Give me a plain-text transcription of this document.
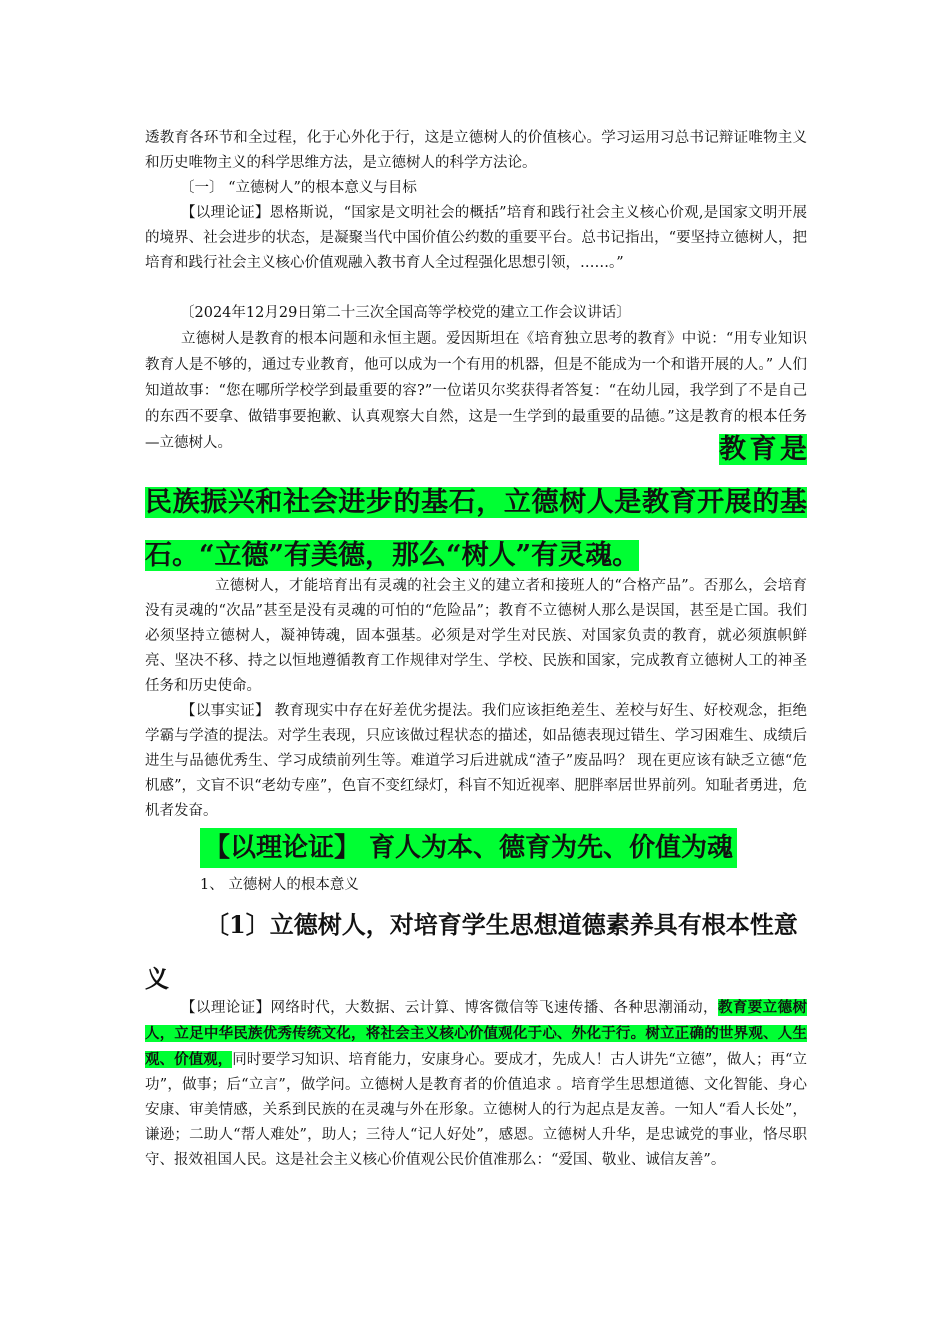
透教育各环节和全过程，化于心外化于行，这是立德树人的价值核心。学习运用习总书记辩证唯物主义和历史唯物主义的科学思维方法，是立德树人的科学方法论。

〔一〕 “立德树人”的根本意义与目标

【以理论证】恩格斯说，“国家是文明社会的概括”培育和践行社会主义核心价观,是国家文明开展的境界、社会进步的状态，是凝聚当代中国价值公约数的重要平台。总书记指出，“要坚持立德树人，把培育和践行社会主义核心价值观融入教书育人全过程强化思想引领，……。”

〔2024年12月29日第二十三次全国高等学校党的建立工作会议讲话〕

立德树人是教育的根本问题和永恒主题。爱因斯坦在《培育独立思考的教育》中说：“用专业知识教育人是不够的，通过专业教育，他可以成为一个有用的机器，但是不能成为一个和谐开展的人。” 人们知道故事：“您在哪所学校学到最重要的容?”一位诺贝尔奖获得者答复：“在幼儿园，我学到了不是自己的东西不要拿、做错事要抱歉、认真观察大自然，这是一生学到的最重要的品德。”这是教育的根本任务—立德树人。	教育是民族振兴和社会进步的基石，立德树人是教育开展的基石。“立德”有美德，那么“树人”有灵魂。

立德树人，才能培育出有灵魂的社会主义的建立者和接班人的“合格产品”。否那么，会培育没有灵魂的“次品”甚至是没有灵魂的可怕的“危险品”；教育不立德树人那么是误国，甚至是亡国。我们必须坚持立德树人，凝神铸魂，固本强基。必须是对学生对民族、对国家负责的教育，就必须旗帜鲜亮、坚决不移、持之以恒地遵循教育工作规律对学生、学校、民族和国家，完成教育立德树人工的神圣任务和历史使命。

【以事实证】 教育现实中存在好差优劣提法。我们应该拒绝差生、差校与好生、好校观念，拒绝学霸与学渣的提法。对学生表现，只应该做过程状态的描述，如品德表现过错生、学习困难生、成绩后进生与品德优秀生、学习成绩前列生等。难道学习后进就成“渣子”废品吗？ 现在更应该有缺乏立德“危机感”，文盲不识“老幼专座”，色盲不变红绿灯，科盲不知近视率、肥胖率居世界前列。知耻者勇进，危机者发奋。

【以理论证】 育人为本、德育为先、价值为魂
1、 立德树人的根本意义

〔1〕立德树人，对培育学生思想道德素养具有根本性意义

【以理论证】网络时代，大数据、云计算、博客微信等飞速传播、各种思潮涌动，教育要立德树人，立足中华民族优秀传统文化，将社会主义核心价值观化于心、外化于行。树立正确的世界观、人生观、价值观，同时要学习知识、培育能力，安康身心。要成才，先成人！古人讲先“立德”，做人；再“立功”，做事；后“立言”，做学问。立德树人是教育者的价值追求 。培育学生思想道德、文化智能、身心安康、审美情感，关系到民族的在灵魂与外在形象。立德树人的行为起点是友善。一知人“看人长处”，谦逊；二助人“帮人难处”，助人；三待人“记人好处”，感恩。立德树人升华，是忠诚党的事业，恪尽职守、报效祖国人民。这是社会主义核心价值观公民价值准那么：“爱国、敬业、诚信友善”。
